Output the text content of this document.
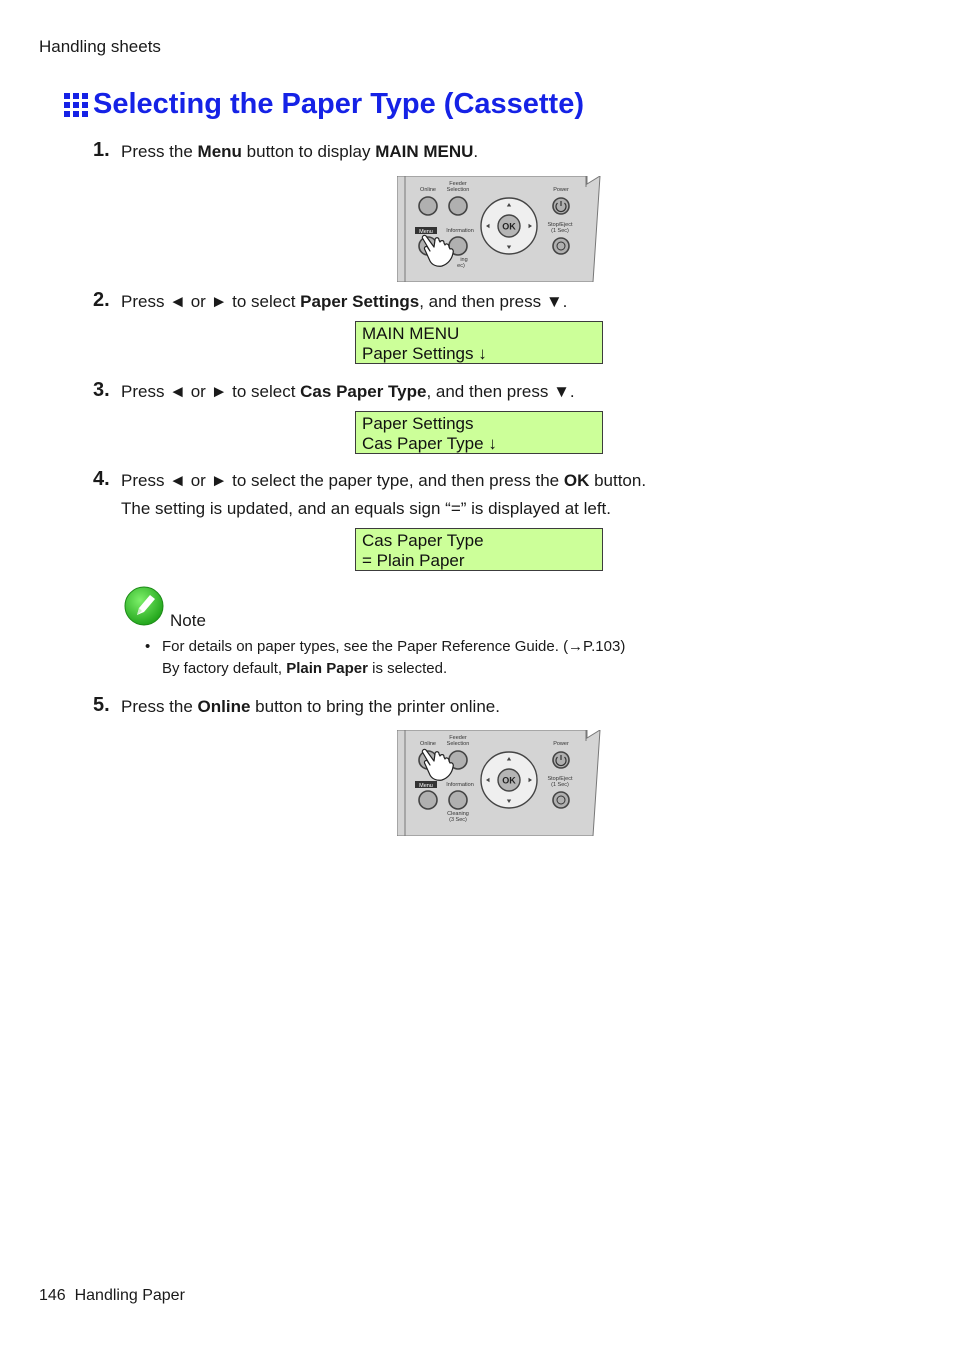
Handling sheets
Selecting the Paper Type (Cassette)
1. Press the Menu button to display MAIN MENU.
Online
Feeder
Selection	Power
Information
Stop/Eject
(1 Sec)
ing
ec)
Menu
OK
2. Press ◄ or ► to select Paper Settings, and then press ▼.
MAIN MENU
Paper Settings ↓
3. Press ◄ or ► to select Cas Paper Type, and then press ▼.
Paper Settings
Cas Paper Type ↓
4. Press ◄ or ► to select the paper type, and then press the OK button.
The setting is updated, and an equals sign “=” is displayed at left.
Cas Paper Type
= Plain Paper
Note
• For details on paper types, see the Paper Reference Guide. (→P.103)
By factory default, Plain Paper is selected.
5. Press the Online button to bring the printer online.
Online
Feeder
Selection	Power
Information
Stop/Eject
(1 Sec)
Cleaning
(3 Sec)
Menu
OK
146 Handling Paper
